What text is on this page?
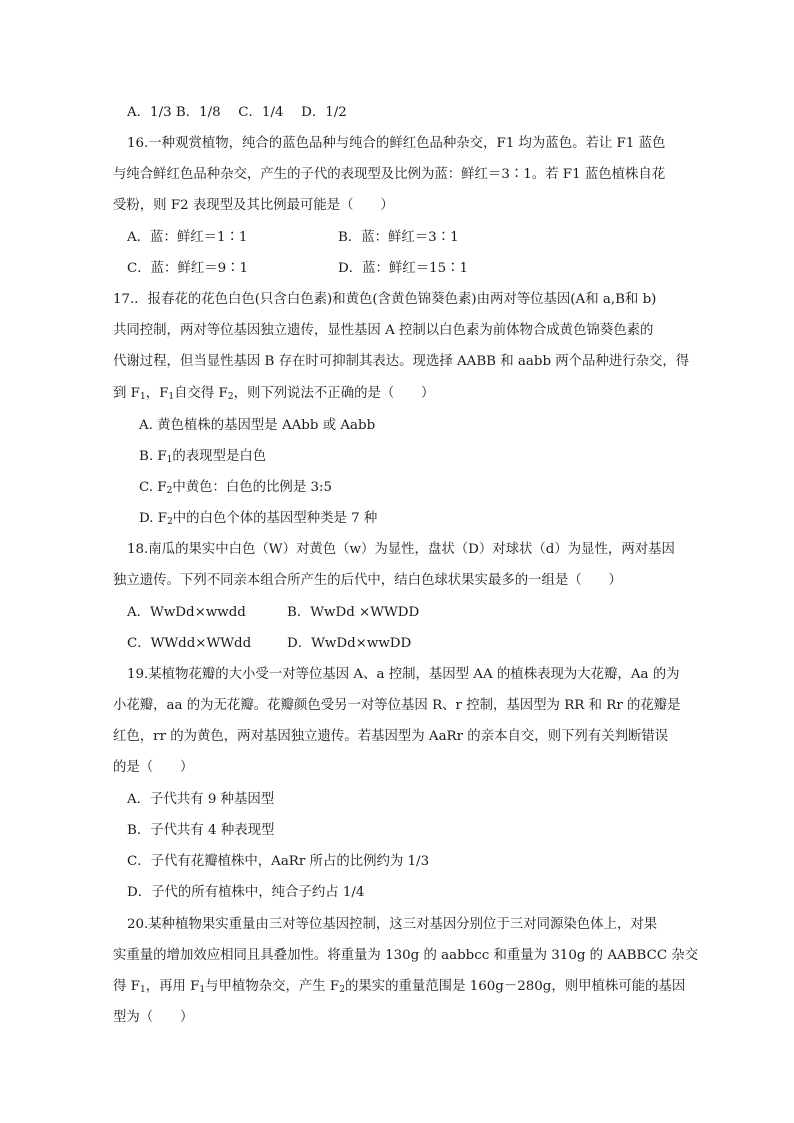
A．1/3 B．1/8　 C．1/4　 D．1/2
16.一种观赏植物，纯合的蓝色品种与纯合的鲜红色品种杂交，F1 均为蓝色。若让 F1 蓝色
与纯合鲜红色品种杂交，产生的子代的表现型及比例为蓝：鲜红＝3∶1。若 F1 蓝色植株自花
受粉，则 F2 表现型及其比例最可能是（　　）
A．蓝：鲜红＝1∶1	B．蓝：鲜红＝3∶1
C．蓝：鲜红＝9∶1	D．蓝：鲜红＝15∶1
17.．报春花的花色白色(只含白色素)和黄色(含黄色锦葵色素)由两对等位基因(A和 a,B和 b)
共同控制，两对等位基因独立遗传，显性基因 A 控制以白色素为前体物合成黄色锦葵色素的
代谢过程，但当显性基因 B 存在时可抑制其表达。现选择 AABB 和 aabb 两个品种进行杂交，得
到 $F_1$，$F_1$自交得 $F_2$，则下列说法不正确的是（　　）
A. 黄色植株的基因型是 AAbb 或 Aabb
B. $F_1$的表现型是白色
C. $F_2$中黄色：白色的比例是 3:5
D. $F_2$中的白色个体的基因型种类是 7 种
18.南瓜的果实中白色（W）对黄色（w）为显性，盘状（D）对球状（d）为显性，两对基因
独立遗传。下列不同亲本组合所产生的后代中，结白色球状果实最多的一组是（　　）
A．WwDd×wwdd	B．WwDd ×WWDD
C．WWdd×WWdd	D．WwDd×wwDD
19.某植物花瓣的大小受一对等位基因 A、a 控制，基因型 AA 的植株表现为大花瓣，Aa 的为
小花瓣，aa 的为无花瓣。花瓣颜色受另一对等位基因 R、r 控制，基因型为 RR 和 Rr 的花瓣是
红色，rr 的为黄色，两对基因独立遗传。若基因型为 AaRr 的亲本自交，则下列有关判断错误
的是（　　）
A．子代共有 9 种基因型
B．子代共有 4 种表现型
C．子代有花瓣植株中，AaRr 所占的比例约为 1/3
D．子代的所有植株中，纯合子约占 1/4
20.某种植物果实重量由三对等位基因控制，这三对基因分别位于三对同源染色体上，对果
实重量的增加效应相同且具叠加性。将重量为 130g 的 aabbcc 和重量为 310g 的 AABBCC 杂交
得 $F_1$，再用 $F_1$与甲植物杂交，产生 $F_2$的果实的重量范围是 160g－280g，则甲植株可能的基因
型为（　　）
